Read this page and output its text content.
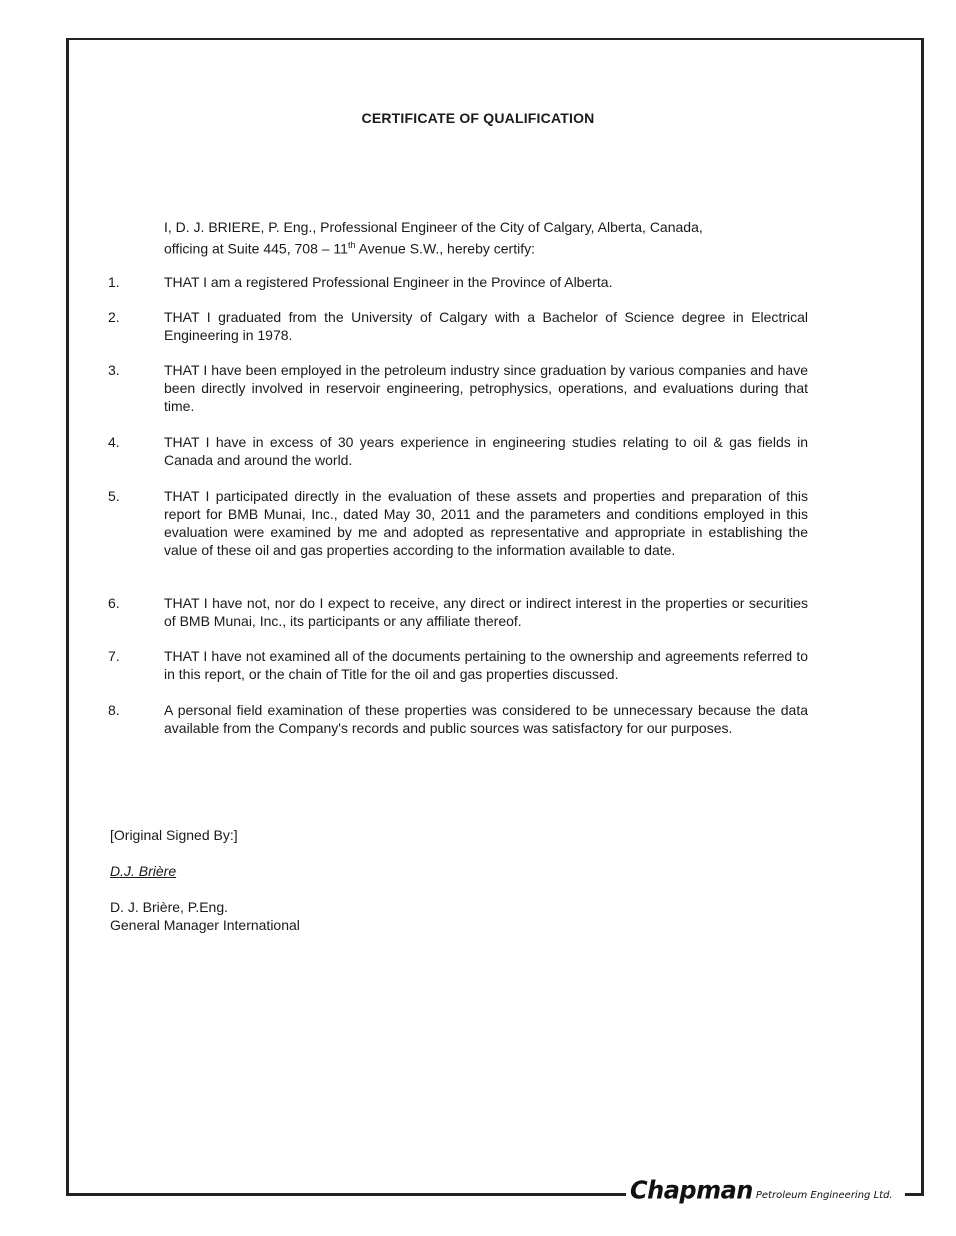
CERTIFICATE OF QUALIFICATION
I, D. J. BRIERE, P. Eng., Professional Engineer of the City of Calgary, Alberta, Canada,
officing at Suite 445, 708 – 11th Avenue S.W., hereby certify:
1.	THAT I am a registered Professional Engineer in the Province of Alberta.
2.	THAT I graduated from the University of Calgary with a Bachelor of Science degree in Electrical Engineering in 1978.
3.	THAT I have been employed in the petroleum industry since graduation by various companies and have been directly involved in reservoir engineering, petrophysics, operations, and evaluations during that time.
4.	THAT I have in excess of 30 years experience in engineering studies relating to oil & gas fields in Canada and around the world.
5.	THAT I participated directly in the evaluation of these assets and properties and preparation of this report for BMB Munai, Inc., dated May 30, 2011 and the parameters and conditions employed in this evaluation were examined by me and adopted as representative and appropriate in establishing the value of these oil and gas properties according to the information available to date.
6.	THAT I have not, nor do I expect to receive, any direct or indirect interest in the properties or securities of BMB Munai, Inc., its participants or any affiliate thereof.
7.	THAT I have not examined all of the documents pertaining to the ownership and agreements referred to in this report, or the chain of Title for the oil and gas properties discussed.
8.	A personal field examination of these properties was considered to be unnecessary because the data available from the Company's records and public sources was satisfactory for our purposes.
[Original Signed By:]
D.J. Brière
D. J. Brière, P.Eng.
General Manager International
Chapman Petroleum Engineering Ltd.
